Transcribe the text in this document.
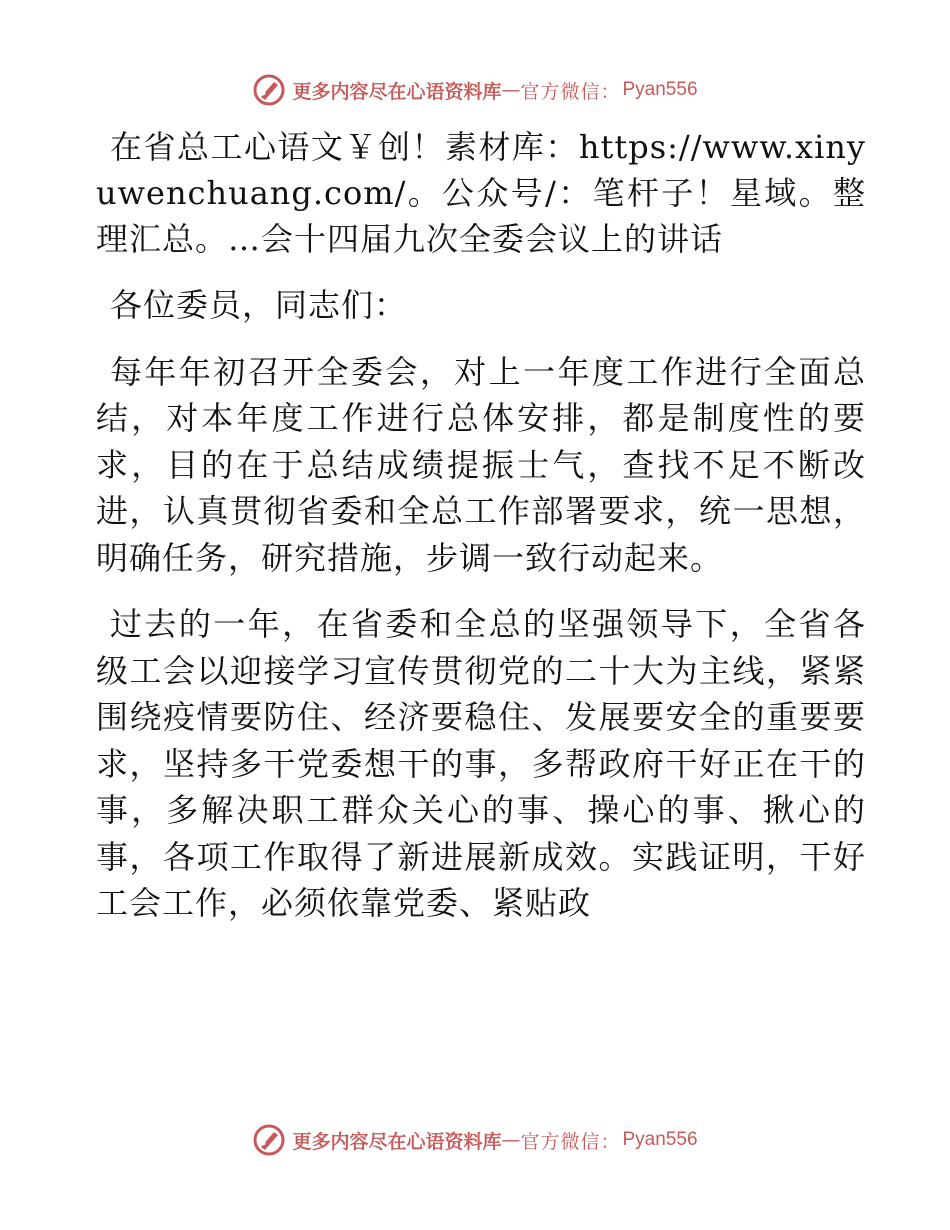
更多内容尽在心语资料库 — 官方微信： Pyan556

在省总工心语文￥创！素材库：https://www.xinyuwenchuang.com/。公众号/：笔杆子！星域。整理汇总。…会十四届九次全委会议上的讲话

各位委员，同志们：

每年年初召开全委会，对上一年度工作进行全面总结，对本年度工作进行总体安排，都是制度性的要求，目的在于总结成绩提振士气，查找不足不断改进，认真贯彻省委和全总工作部署要求，统一思想，明确任务，研究措施，步调一致行动起来。

过去的一年，在省委和全总的坚强领导下，全省各级工会以迎接学习宣传贯彻党的二十大为主线，紧紧围绕疫情要防住、经济要稳住、发展要安全的重要要求，坚持多干党委想干的事，多帮政府干好正在干的事，多解决职工群众关心的事、操心的事、揪心的事，各项工作取得了新进展新成效。实践证明，干好工会工作，必须依靠党委、紧贴政

更多内容尽在心语资料库 — 官方微信： Pyan556
